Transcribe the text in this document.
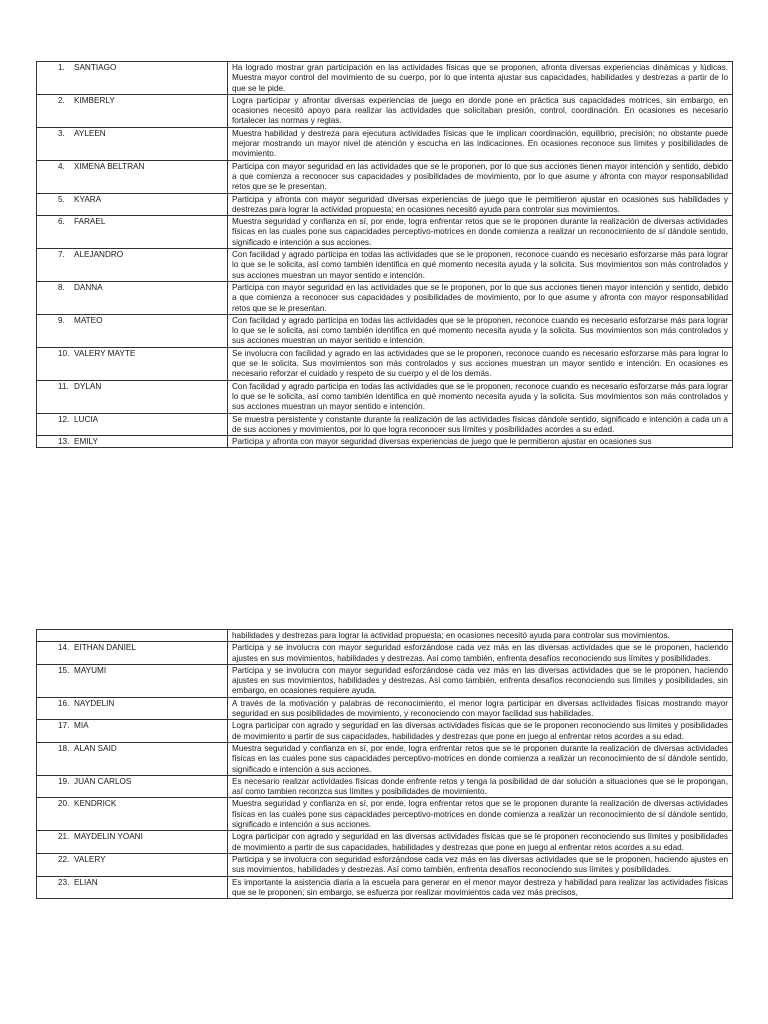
1. SANTIAGO	Ha logrado mostrar gran participación en las actividades físicas que se proponen, afronta diversas experiencias dinámicas y lúdicas. Muestra mayor control del movimiento de su cuerpo, por lo que intenta ajustar sus capacidades, habilidades y destrezas a partir de lo que se le pide.
2. KIMBERLY	Logra participar y afrontar diversas experiencias de juego en donde pone en práctica sus capacidades motrices, sin embargo, en ocasiones necesitó apoyo para realizar las actividades que solicitaban presión, control, coordinación. En ocasiones es necesario fortalecer las normas y reglas.
3. AYLEEN	Muestra habilidad y destreza para ejecutura actividades físicas que le implican coordinación, equilibrio, precisión; no obstante puede mejorar mostrando un mayor nivel de atención y escucha en las indicaciones. En ocasiones reconoce sus límites y posibilidades de movimiento.
4. XIMENA BELTRAN	Participa con mayor seguridad en las actividades que se le proponen, por lo que sus acciones tienen mayor intención y sentido, debido a que comienza a reconocer sus capacidades y posibilidades de movimiento, por lo que asume y afronta con mayor responsabilidad retos que se le presentan.
5. KYARA	Participa y afronta con mayor seguridad diversas experiencias de juego que le permitieron ajustar en ocasiones sus habilidades y destrezas para lograr la actividad propuesta; en ocasiones necesitó ayuda para controlar sus movimientos.
6. FARAEL	Muestra seguridad y confianza en sí, por ende, logra enfrentar retos que se le proponen durante la realización de diversas actividades físicas en las cuales pone sus capacidades perceptivo-motrices en donde comienza a realizar un reconocimiento de sí dándole sentido, significado e intención a sus acciones.
7. ALEJANDRO	Con facilidad y agrado participa en todas las actividades que se le proponen, reconoce cuando es necesario esforzarse más para lograr lo que se le solicita, así como también identifica en qué momento necesita ayuda y la solicita. Sus movimientos son más controlados y sus acciones muestran un mayor sentido e intención.
8. DANNA	Participa con mayor seguridad en las actividades que se le proponen, por lo que sus acciones tienen mayor intención y sentido, debido a que comienza a reconocer sus capacidades y posibilidades de movimiento, por lo que asume y afronta con mayor responsabilidad retos que se le presentan.
9. MATEO	Con facilidad y agrado participa en todas las actividades que se le proponen, reconoce cuando es necesario esforzarse más para lograr lo que se le solicita, así como también identifica en qué momento necesita ayuda y la solicita. Sus movimientos son más controlados y sus acciones muestran un mayor sentido e intención.
10. VALERY MAYTE	Se involucra con facilidad y agrado en las actividades que se le proponen, reconoce cuando es necesario esforzarse más para lograr lo que se le solicita. Sus movimientos son más controlados y sus acciones muestran un mayor sentido e intención. En ocasiones es necesario reforzar el cuidado y respeto de su cuerpo y el de los demás.
11. DYLAN	Con facilidad y agrado participa en todas las actividades que se le proponen, reconoce cuando es necesario esforzarse más para lograr lo que se le solicita, así como también identifica en qué momento necesita ayuda y la solicita. Sus movimientos son más controlados y sus acciones muestran un mayor sentido e intención.
12. LUCIA	Se muestra persistente y constante durante la realización de las actividades físicas dándole sentido, significado e intención a cada un a de sus acciones y movimientos, por lo que logra reconocer sus límites y posibilidades acordes a su edad.
13. EMILY	Participa y afronta con mayor seguridad diversas experiencias de juego que le permitieron ajustar en ocasiones sus
	habilidades y destrezas para lograr la actividad propuesta; en ocasiones necesitó ayuda para controlar sus movimientos.
14. EITHAN DANIEL	Participa y se involucra con mayor seguridad esforzándose cada vez más en las diversas actividades que se le proponen, haciendo ajustes en sus movimientos, habilidades y destrezas. Así como también, enfrenta desafíos reconociendo sus límites y posibilidades.
15. MAYUMI	Participa y se involucra con mayor seguridad esforzándose cada vez más en las diversas actividades que se le proponen, haciendo ajustes en sus movimientos, habilidades y destrezas. Así como también, enfrenta desafíos reconociendo sus límites y posibilidades, sin embargo, en ocasiones requiere ayuda.
16. NAYDELIN	A través de la motivación y palabras de reconocimiento, el menor logra participar en diversas actividades físicas mostrando mayor seguridad en sus posibilidades de movimiento, y reconociendo con mayor facilidad sus habilidades.
17. MIA	Logra participar con agrado y seguridad en las diversas actividades físicas que se le proponen reconociendo sus límites y posibilidades de movimiento a partir de sus capacidades, habilidades y destrezas que pone en juego al enfrentar retos acordes a su edad.
18. ALAN SAID	Muestra seguridad y confianza en sí, por ende, logra enfrentar retos que se le proponen durante la realización de diversas actividades físicas en las cuales pone sus capacidades perceptivo-motrices en donde comienza a realizar un reconocimiento de sí dándole sentido, significado e intención a sus acciones.
19. JUAN CARLOS	Es necesario realizar actividades físicas donde enfrente retos y tenga la posibilidad de dar solución a situaciones que se le propongan, así como tambien reconzca sus límites y posibilidades de movimiento.
20. KENDRICK	Muestra seguridad y confianza en sí, por ende, logra enfrentar retos que se le proponen durante la realización de diversas actividades físicas en las cuales pone sus capacidades perceptivo-motrices en donde comienza a realizar un reconocimiento de sí dándole sentido, significado e intención a sus acciones.
21. MAYDELIN YOANI	Logra participar con agrado y seguridad en las diversas actividades físicas que se le proponen reconociendo sus límites y posibilidades de movimiento a partir de sus capacidades, habilidades y destrezas que pone en juego al enfrentar retos acordes a su edad.
22. VALERY	Participa y se involucra con seguridad esforzándose cada vez más en las diversas actividades que se le proponen, haciendo ajustes en sus movimientos, habilidades y destrezas. Así como también, enfrenta desafíos reconociendo sus límites y posibilidades.
23. ELIAN	Es importante la asistencia diaria a la escuela para generar en el menor mayor destreza y habilidad para realizar las actividades físicas que se le proponen; sin embargo, se esfuerza por realizar movimientos cada vez más precisos,
